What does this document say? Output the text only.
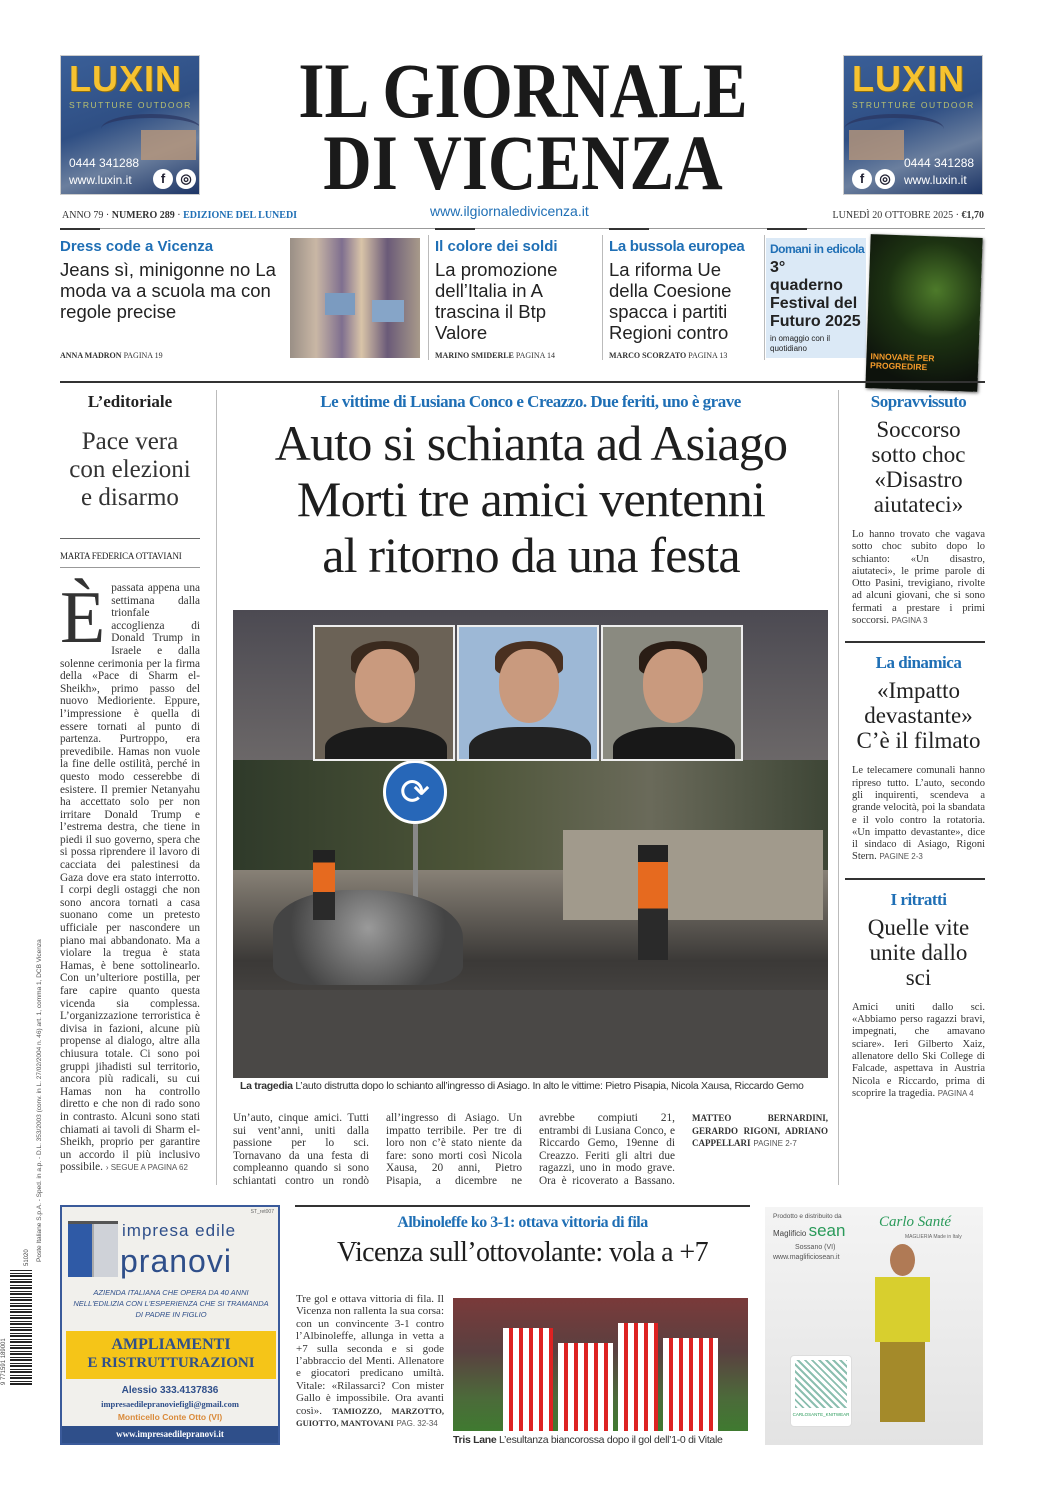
Poste Italiane S.p.A. - Sped. in a.p. - D.L. 353/2003 (conv. in L. 27/02/2004 n. 46) art. 1, comma 1, DCB Vicenza
9 771591 189001
51020
LUXIN
STRUTTURE OUTDOOR
0444 341288
www.luxin.it	f	◎
LUXIN
STRUTTURE OUTDOOR
f	◎
0444 341288
www.luxin.it
IL GIORNALE
DI VICENZA
ANNO 79 · NUMERO 289 · EDIZIONE DEL LUNEDI	www.ilgiornaledivicenza.it	LUNEDÌ 20 OTTOBRE 2025 · €1,70
Dress code a Vicenza
Jeans sì, minigonne no La moda va a scuola ma con regole precise
ANNA MADRON PAGINA 19
Il colore dei soldi
La promozione dell’Italia in A trascina il Btp Valore
MARINO SMIDERLE PAGINA 14
La bussola europea
La riforma Ue della Coesione spacca i partiti Regioni contro
MARCO SCORZATO PAGINA 13
Domani in edicola
3° quaderno Festival del Futuro 2025
in omaggio con il quotidiano
INNOVARE PER PROGREDIRE
L’editoriale
Pace vera con elezioni e disarmo
MARTA FEDERICA OTTAVIANI
È passata appena una settimana dalla trionfale accoglienza di Donald Trump in Israele e dalla solenne cerimonia per la firma della «Pace di Sharm el-Sheikh», primo passo del nuovo Medioriente. Eppure, l’impressione è quella di essere tornati al punto di partenza. Purtroppo, era prevedibile. Hamas non vuole la fine delle ostilità, perché in questo modo cesserebbe di esistere. Il premier Netanyahu ha accettato solo per non irritare Donald Trump e l’estrema destra, che tiene in piedi il suo governo, spera che si possa riprendere il lavoro di cacciata dei palestinesi da Gaza dove era stato interrotto. I corpi degli ostaggi che non sono ancora tornati a casa suonano come un pretesto ufficiale per nascondere un piano mai abbandonato. Ma a violare la tregua è stata Hamas, è bene sottolinearlo. Con un’ulteriore postilla, per fare capire quanto questa vicenda sia complessa. L’organizzazione terroristica è divisa in fazioni, alcune più propense al dialogo, altre alla chiusura totale. Ci sono poi gruppi jihadisti sul territorio, ancora più radicali, su cui Hamas non ha controllo diretto e che non di rado sono in contrasto. Alcuni sono stati chiamati ai tavoli di Sharm el-Sheikh, proprio per garantire un accordo il più inclusivo possibile. › SEGUE A PAGINA 62
Le vittime di Lusiana Conco e Creazzo. Due feriti, uno è grave
Auto si schianta ad Asiago
Morti tre amici ventenni
al ritorno da una festa
⟳
La tragedia L’auto distrutta dopo lo schianto all’ingresso di Asiago. In alto le vittime: Pietro Pisapia, Nicola Xausa, Riccardo Gemo
Un’auto, cinque amici. Tutti sui vent’anni, uniti dalla passione per lo sci. Tornavano da una festa di compleanno quando si sono schiantati contro un rondò all’ingresso di Asiago. Un impatto terribile. Per tre di loro non c’è stato niente da fare: sono morti così Nicola Xausa, 20 anni, Pietro Pisapia, a dicembre ne avrebbe compiuti 21, entrambi di Lusiana Conco, e Riccardo Gemo, 19enne di Creazzo. Feriti gli altri due ragazzi, uno in modo grave. Ora è ricoverato a Bassano. MATTEO BERNARDINI, GERARDO RIGONI, ADRIANO CAPPELLARI PAGINE 2-7
Sopravvissuto
Soccorso sotto choc «Disastro aiutateci»
Lo hanno trovato che vagava sotto choc subito dopo lo schianto: «Un disastro, aiutateci», le prime parole di Otto Pasini, trevigiano, rivolte ad alcuni giovani, che si sono fermati a prestare i primi soccorsi. PAGINA 3
La dinamica
«Impatto devastante» C’è il filmato
Le telecamere comunali hanno ripreso tutto. L’auto, secondo gli inquirenti, scendeva a grande velocità, poi la sbandata e il volo contro la rotatoria. «Un impatto devastante», dice il sindaco di Asiago, Rigoni Stern. PAGINE 2-3
I ritratti
Quelle vite unite dallo sci
Amici uniti dallo sci. «Abbiamo perso ragazzi bravi, impegnati, che amavano sciare». Ieri Gilberto Xaiz, allenatore dello Ski College di Falcade, aspettava in Austria Nicola e Riccardo, prima di scoprire la tragedia. PAGINA 4
ST_ret007
impresa edile
pranovi
AZIENDA ITALIANA CHE OPERA DA 40 ANNI NELL'EDILIZIA CON L'ESPERIENZA CHE SI TRAMANDA DI PADRE IN FIGLIO
AMPLIAMENTI
E RISTRUTTURAZIONI
Alessio 333.4137836
impresaedilepranoviefigli@gmail.com
Monticello Conte Otto (VI)
www.impresaedilepranovi.it
Albinoleffe ko 3-1: ottava vittoria di fila
Vicenza sull’ottovolante: vola a +7
Tre gol e ottava vittoria di fila. Il Vicenza non rallenta la sua corsa: con un convincente 3-1 contro l’Albinoleffe, allunga in vetta a +7 sulla seconda e si gode l’abbraccio del Menti. Allenatore e giocatori predicano umiltà. Vitale: «Rilassarci? Con mister Gallo è impossibile. Ora avanti così». TAMIOZZO, MARZOTTO, GUIOTTO, MANTOVANI PAG. 32-34
Tris Lane L’esultanza biancorossa dopo il gol dell’1-0 di Vitale
Prodotto e distribuito da
Maglificio sean
Sossano (VI)
www.maglificiosean.it
Carlo Santé
MAGLIERIA Made in Italy
CARLOSANTE_KNITWEAR
